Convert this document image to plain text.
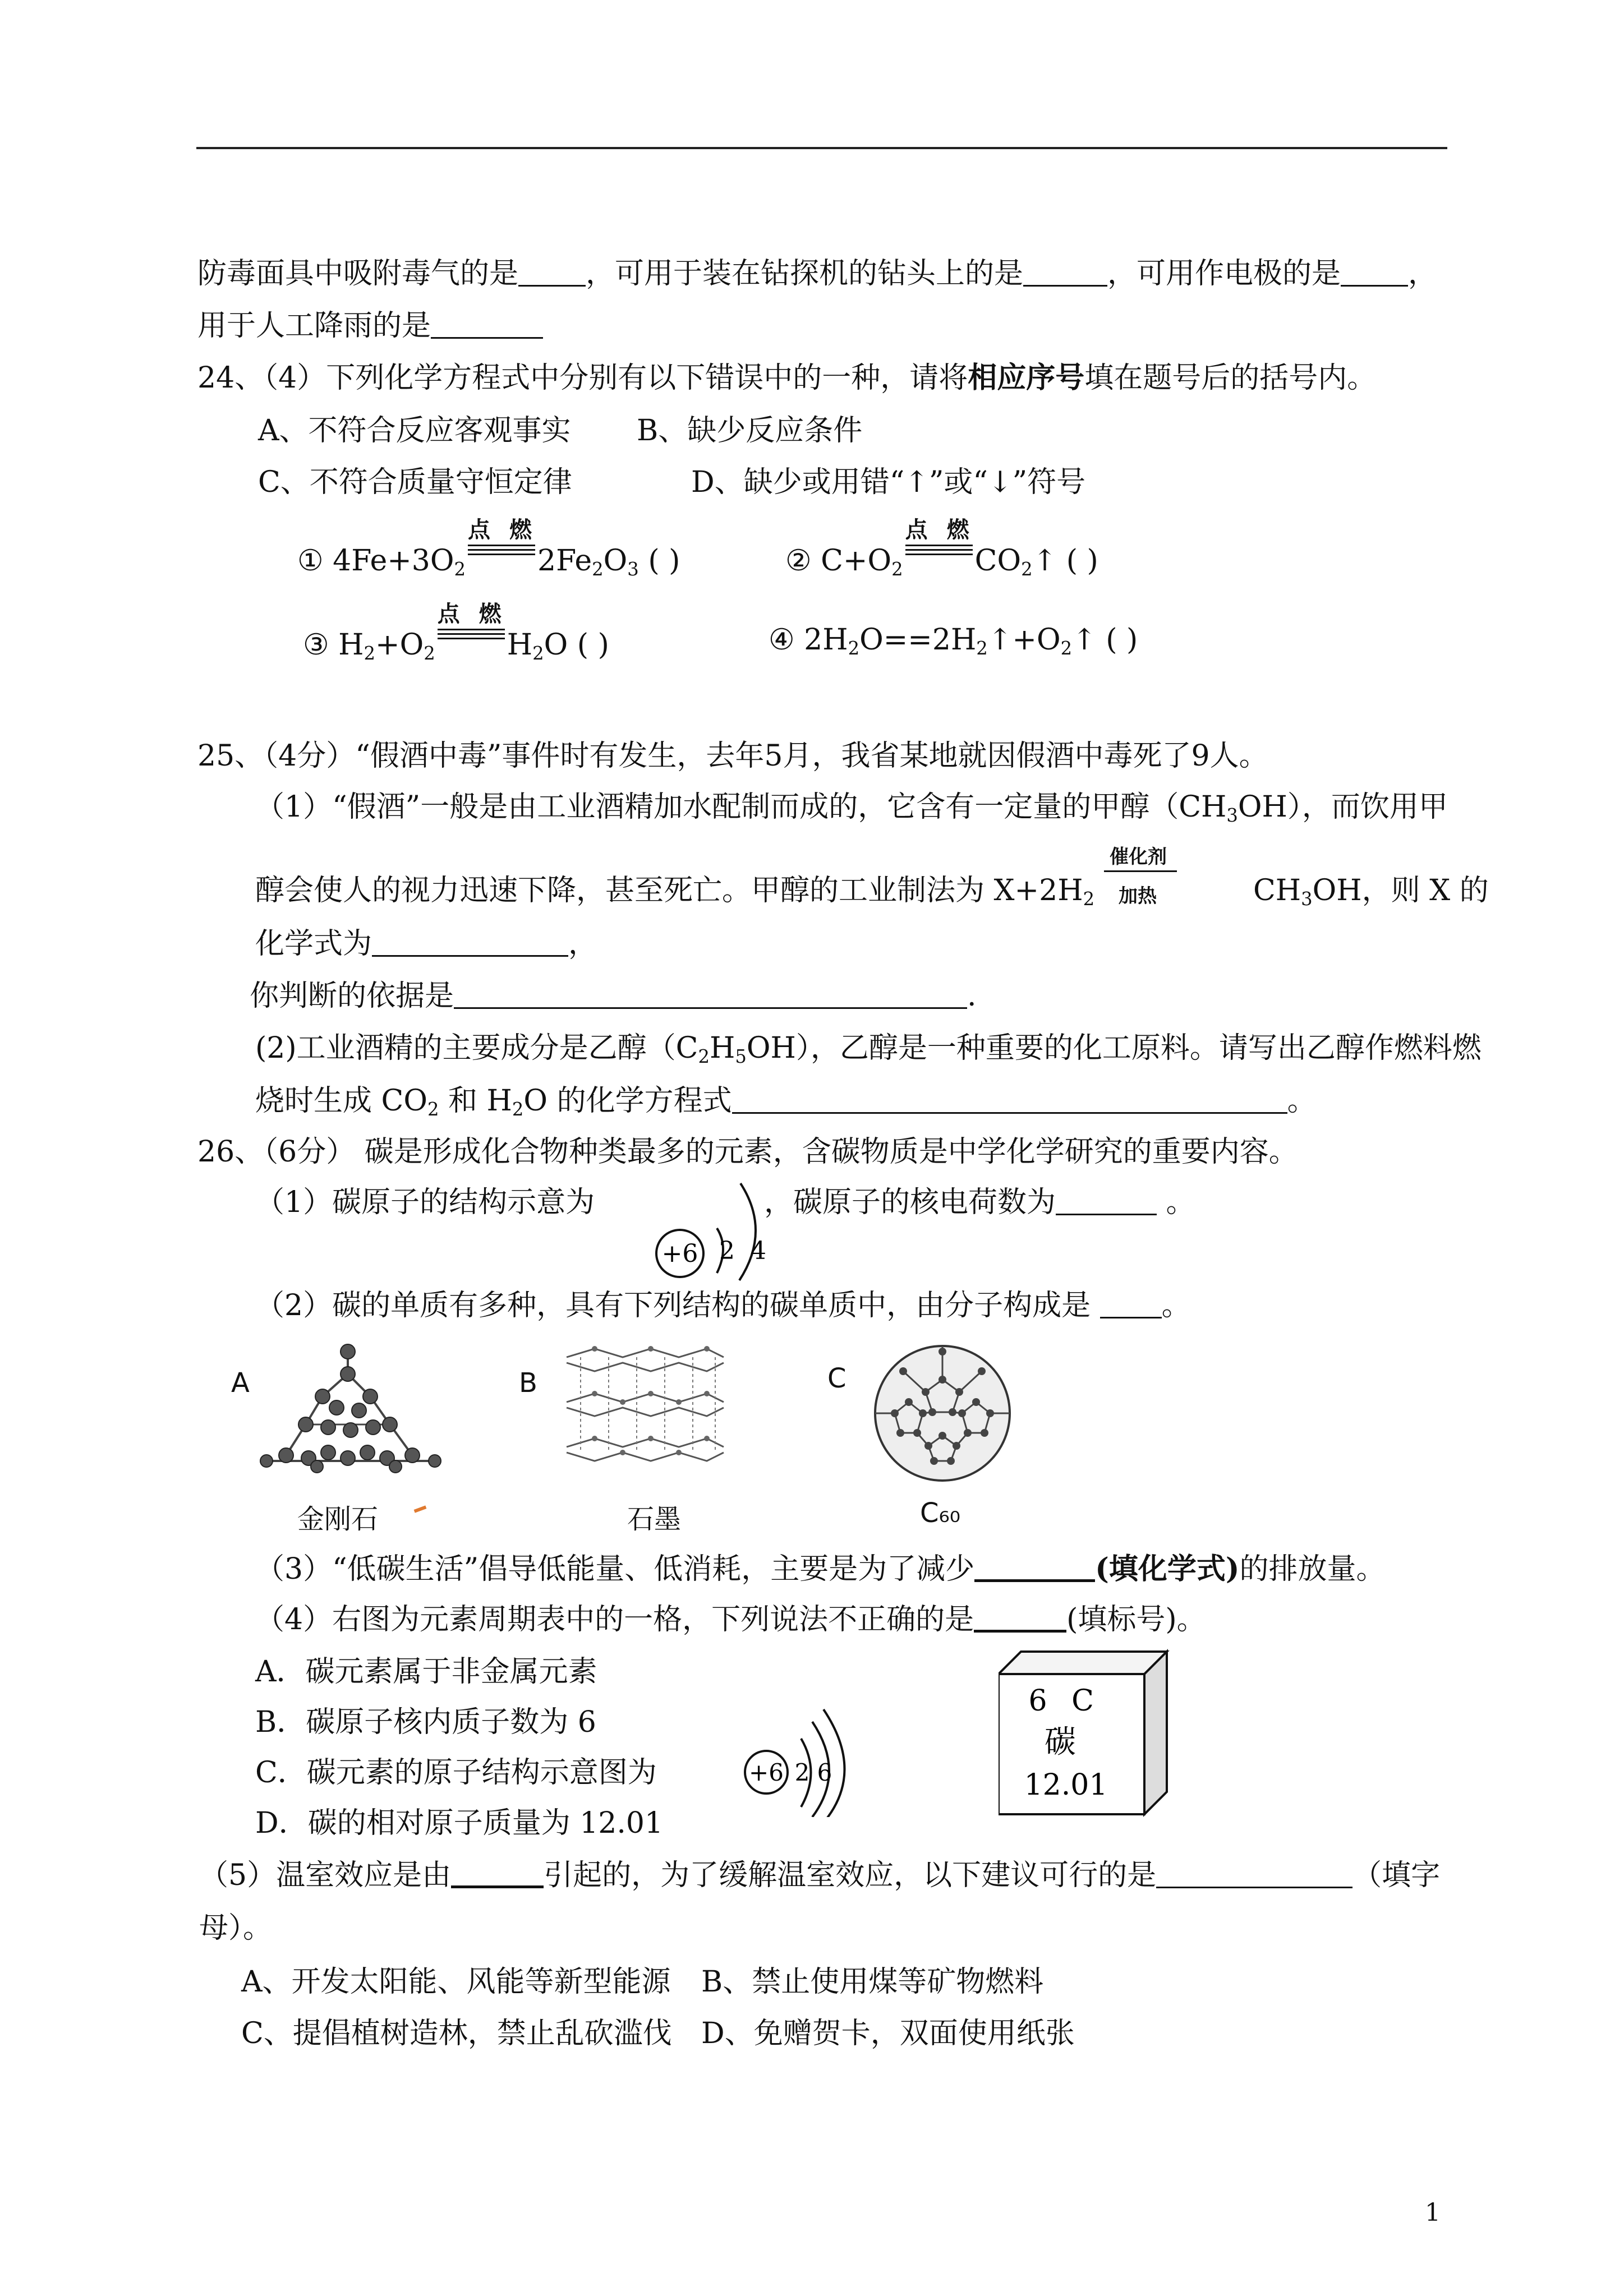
防毒面具中吸附毒气的是 ，可用于装在钻探机的钻头上的是	，可用作电极的是 ，
用于人工降雨的是
24、（4）下列化学方程式中分别有以下错误中的一种，请将相应序号填在题号后的括号内。
A、不符合反应客观事实 B、缺少反应条件
C、不符合质量守恒定律	D、缺少或用错“↑”或“↓”符号
① $4Fe+3O_2$
点 燃
$2Fe_2O_3$ ( )	② $C+O_2$
点 燃
$CO_2↑$ ( )
③ $H_2+O_2$
点 燃
$H_2O$ ( )	④ $2H_2O==2H_2↑+O_2↑$ ( )
25、（4分）“假酒中毒”事件时有发生，去年5月，我省某地就因假酒中毒死了9人。
（1）“假酒”一般是由工业酒精加水配制而成的，它含有一定量的甲醇$(CH_3OH)$，而饮用甲
醇会使人的视力迅速下降，甚至死亡。甲醇的工业制法为 $X+2H_2$
催化剂
加热	$CH_3OH$，则 X 的
化学式为	，
你判断的依据是	.
(2)工业酒精的主要成分是乙醇$(C_2H_5OH)$，乙醇是一种重要的化工原料。请写出乙醇作燃料燃
烧时生成 $CO_2$ 和 $H_2O$ 的化学方程式	。
26、（6分） 碳是形成化合物种类最多的元素，含碳物质是中学化学研究的重要内容。
（1）碳原子的结构示意为	，碳原子的核电荷数为	。
+6 2 4
（2）碳的单质有多种，具有下列结构的碳单质中，由分子构成是 。
A
金刚石
B
石墨
C
C₆₀
（3）“低碳生活”倡导低能量、低消耗，主要是为了减少	(填化学式)的排放量。
（4）右图为元素周期表中的一格，下列说法不正确的是	(填标号)。
A．碳元素属于非金属元素
B．碳原子核内质子数为 6
C．碳元素的原子结构示意图为
D．碳的相对原子质量为 12.01
+6 2 6
6 C
碳
12.01
（5）温室效应是由	引起的，为了缓解温室效应，以下建议可行的是	（填字
母）。
A、开发太阳能、风能等新型能源 B、禁止使用煤等矿物燃料
C、提倡植树造林，禁止乱砍滥伐 D、免赠贺卡，双面使用纸张
1
